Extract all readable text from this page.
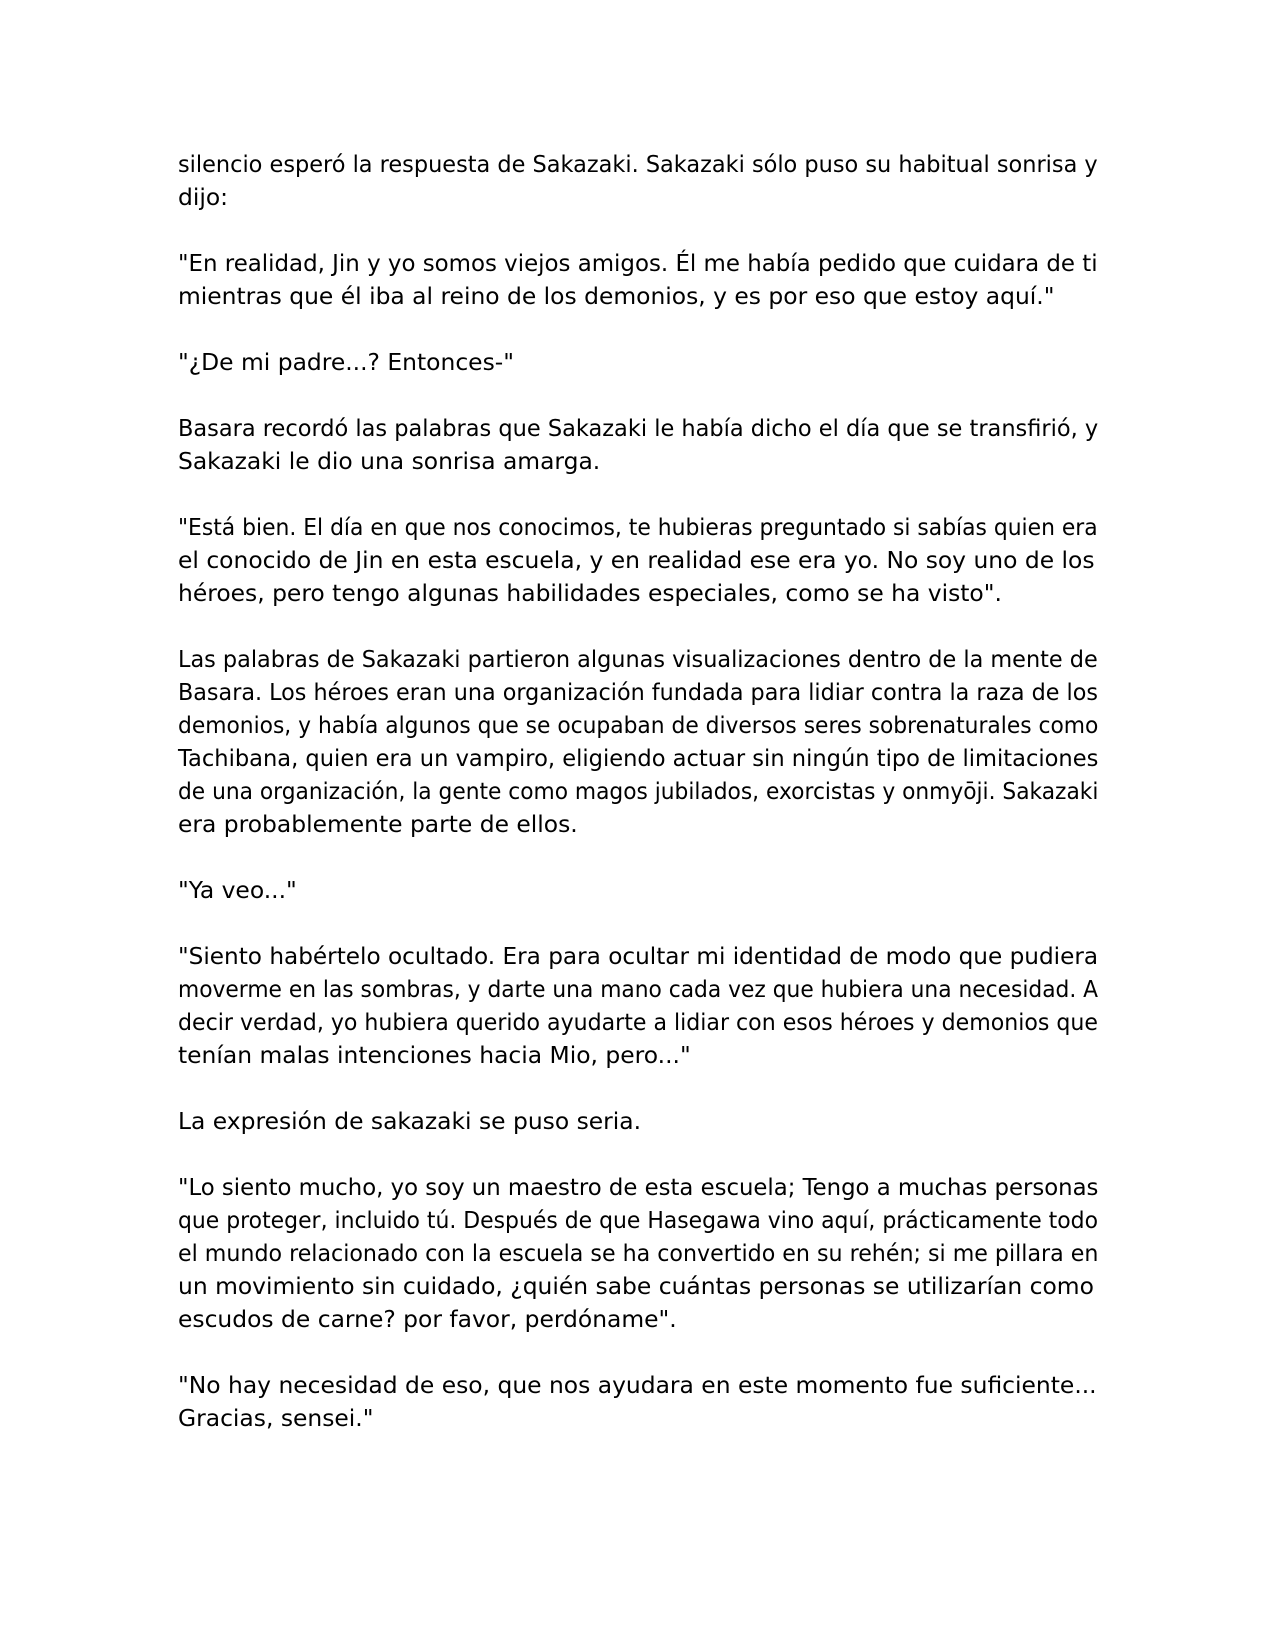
silencio esperó la respuesta de Sakazaki. Sakazaki sólo puso su habitual sonrisa y
dijo:

"En realidad, Jin y yo somos viejos amigos. Él me había pedido que cuidara de ti
mientras que él iba al reino de los demonios, y es por eso que estoy aquí."

"¿De mi padre...? Entonces-"

Basara recordó las palabras que Sakazaki le había dicho el día que se transfirió, y
Sakazaki le dio una sonrisa amarga.

"Está bien. El día en que nos conocimos, te hubieras preguntado si sabías quien era
el conocido de Jin en esta escuela, y en realidad ese era yo. No soy uno de los
héroes, pero tengo algunas habilidades especiales, como se ha visto".

Las palabras de Sakazaki partieron algunas visualizaciones dentro de la mente de
Basara. Los héroes eran una organización fundada para lidiar contra la raza de los
demonios, y había algunos que se ocupaban de diversos seres sobrenaturales como
Tachibana, quien era un vampiro, eligiendo actuar sin ningún tipo de limitaciones
de una organización, la gente como magos jubilados, exorcistas y onmyōji. Sakazaki
era probablemente parte de ellos.

"Ya veo..."

"Siento habértelo ocultado. Era para ocultar mi identidad de modo que pudiera
moverme en las sombras, y darte una mano cada vez que hubiera una necesidad. A
decir verdad, yo hubiera querido ayudarte a lidiar con esos héroes y demonios que
tenían malas intenciones hacia Mio, pero..."

La expresión de sakazaki se puso seria.

"Lo siento mucho, yo soy un maestro de esta escuela; Tengo a muchas personas
que proteger, incluido tú. Después de que Hasegawa vino aquí, prácticamente todo
el mundo relacionado con la escuela se ha convertido en su rehén; si me pillara en
un movimiento sin cuidado, ¿quién sabe cuántas personas se utilizarían como
escudos de carne? por favor, perdóname".

"No hay necesidad de eso, que nos ayudara en este momento fue suficiente...
Gracias, sensei."
